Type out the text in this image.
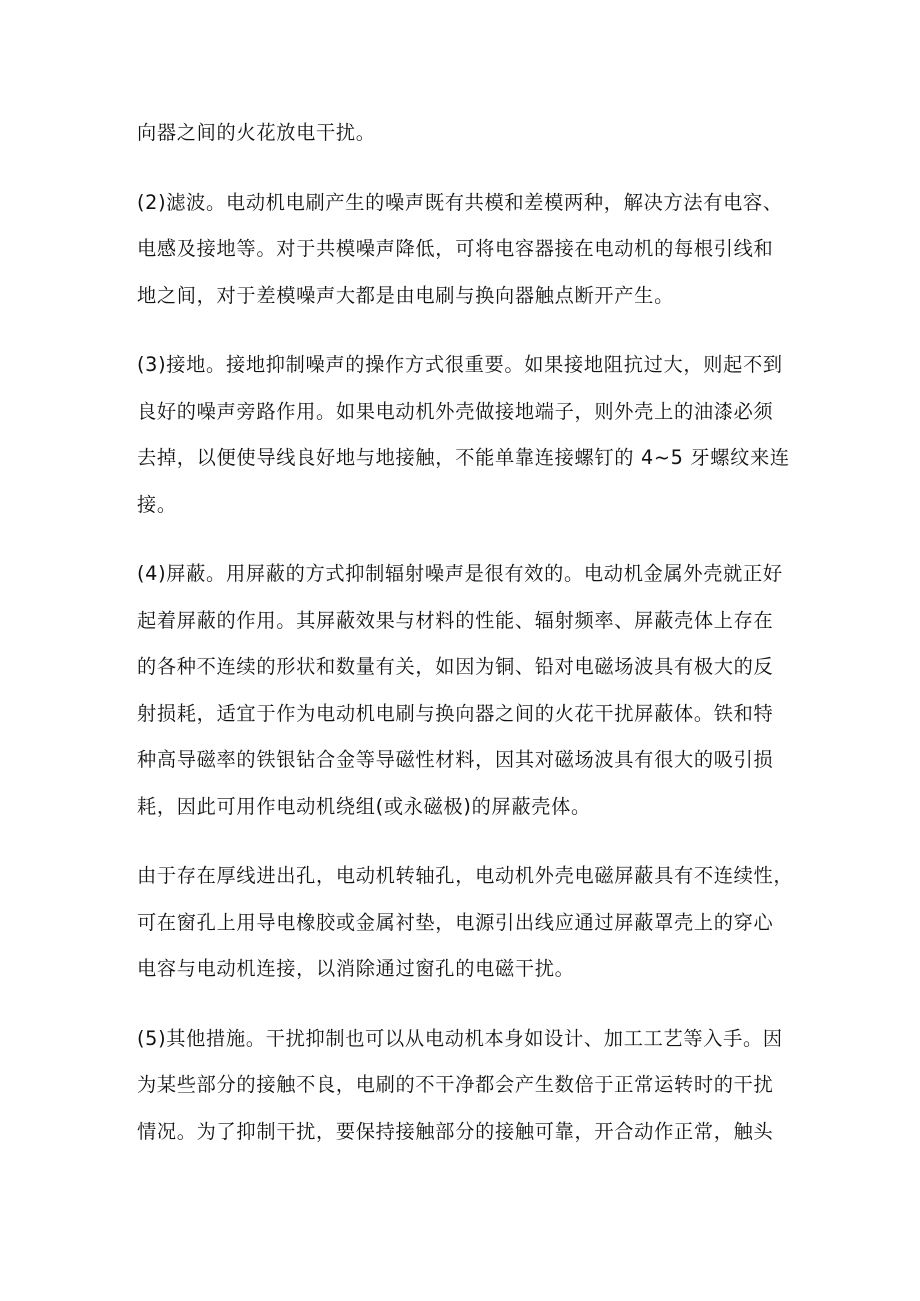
向器之间的火花放电干扰。
(2)滤波。电动机电刷产生的噪声既有共模和差模两种，解决方法有电容、
电感及接地等。对于共模噪声降低，可将电容器接在电动机的每根引线和
地之间，对于差模噪声大都是由电刷与换向器触点断开产生。
(3)接地。接地抑制噪声的操作方式很重要。如果接地阻抗过大，则起不到
良好的噪声旁路作用。如果电动机外壳做接地端子，则外壳上的油漆必须
去掉，以便使导线良好地与地接触，不能单靠连接螺钉的 4~5 牙螺纹来连
接。
(4)屏蔽。用屏蔽的方式抑制辐射噪声是很有效的。电动机金属外壳就正好
起着屏蔽的作用。其屏蔽效果与材料的性能、辐射频率、屏蔽壳体上存在
的各种不连续的形状和数量有关，如因为铜、铅对电磁场波具有极大的反
射损耗，适宜于作为电动机电刷与换向器之间的火花干扰屏蔽体。铁和特
种高导磁率的铁银钻合金等导磁性材料，因其对磁场波具有很大的吸引损
耗，因此可用作电动机绕组(或永磁极)的屏蔽壳体。
由于存在厚线进出孔，电动机转轴孔，电动机外壳电磁屏蔽具有不连续性，
可在窗孔上用导电橡胶或金属衬垫，电源引出线应通过屏蔽罩壳上的穿心
电容与电动机连接，以消除通过窗孔的电磁干扰。
(5)其他措施。干扰抑制也可以从电动机本身如设计、加工工艺等入手。因
为某些部分的接触不良，电刷的不干净都会产生数倍于正常运转时的干扰
情况。为了抑制干扰，要保持接触部分的接触可靠，开合动作正常，触头
